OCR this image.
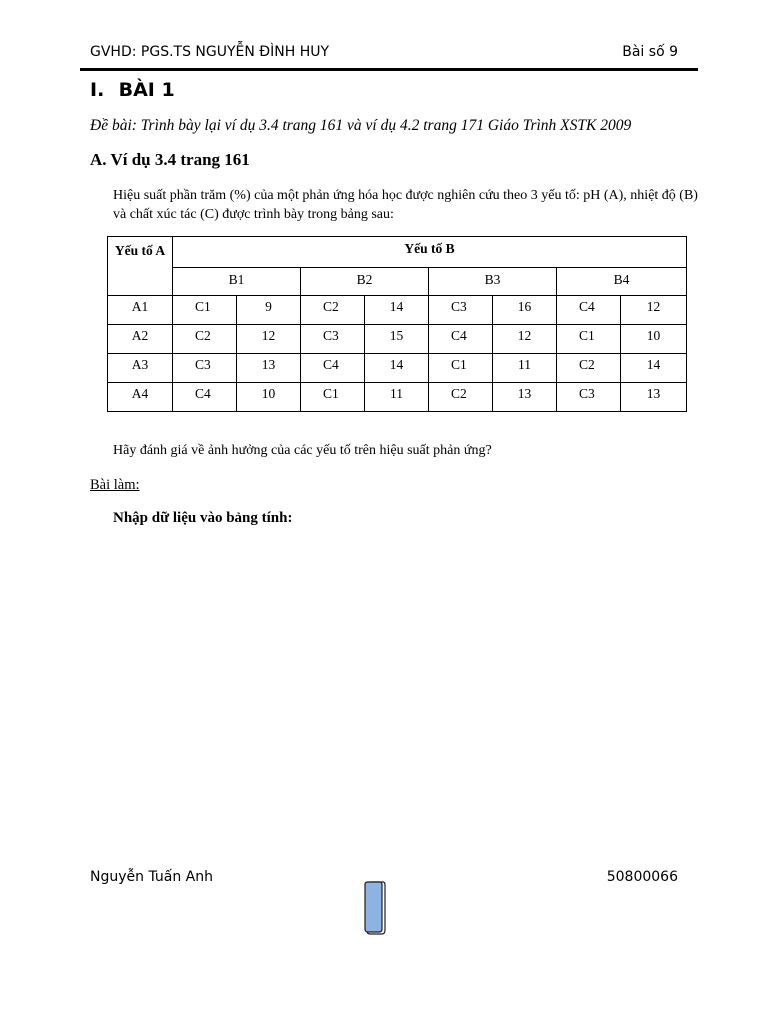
GVHD: PGS.TS NGUYỄN ĐÌNH HUY	Bài số 9
I. BÀI 1
Đề bài: Trình bày lại ví dụ 3.4 trang 161 và ví dụ 4.2 trang 171 Giáo Trình XSTK 2009
A. Ví dụ 3.4 trang 161
Hiệu suất phần trăm (%) của một phản ứng hóa học được nghiên cứu theo 3 yếu tố: pH (A), nhiệt độ (B) và chất xúc tác (C) được trình bày trong bảng sau:
Yếu tố A	Yếu tố B							
	B1		B2		B3		B4	
A1	C1	9	C2	14	C3	16	C4	12
A2	C2	12	C3	15	C4	12	C1	10
A3	C3	13	C4	14	C1	11	C2	14
A4	C4	10	C1	11	C2	13	C3	13
Hãy đánh giá về ảnh hưởng của các yếu tố trên hiệu suất phản ứng?
Bài làm:
Nhập dữ liệu vào bảng tính:
Nguyễn Tuấn Anh	50800066
